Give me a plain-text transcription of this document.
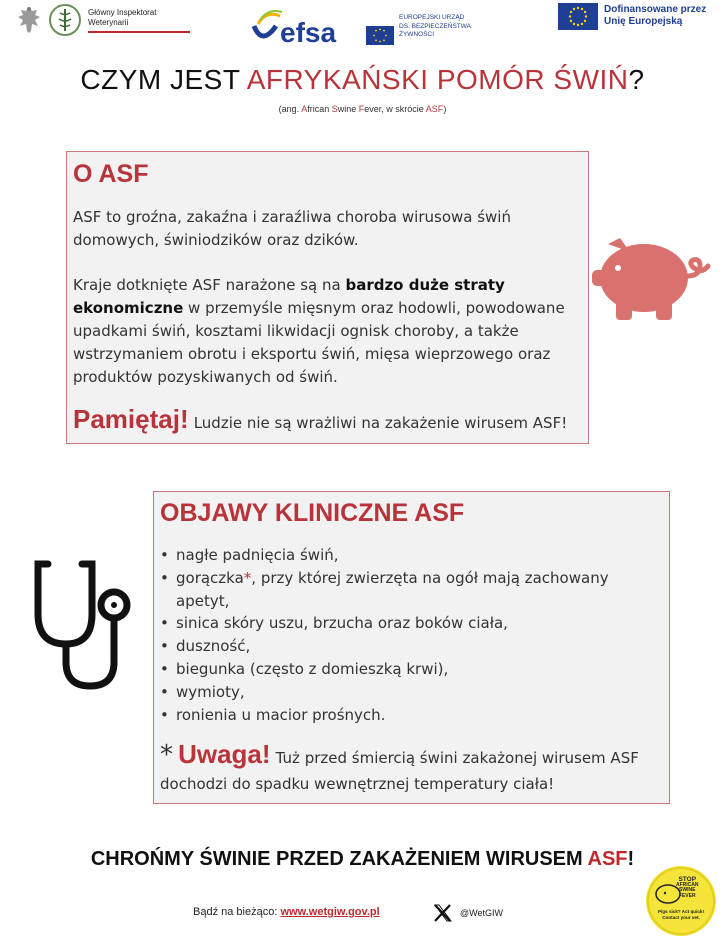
Główny Inspektorat
Weterynarii	efsa	EUROPEJSKI URZĄD
DS. BEZPIECZEŃSTWA
ŻYWNOŚCI
Dofinansowane przez
Unię Europejską
CZYM JEST AFRYKAŃSKI POMÓR ŚWIŃ?
(ang. African Swine Fever, w skrócie ASF)
O ASF
ASF to groźna, zakaźna i zaraźliwa choroba wirusowa świń domowych, świniodzików oraz dzików.
Kraje dotknięte ASF narażone są na bardzo duże straty ekonomiczne w przemyśle mięsnym oraz hodowli, powodowane upadkami świń, kosztami likwidacji ognisk choroby, a także wstrzymaniem obrotu i eksportu świń, mięsa wieprzowego oraz produktów pozyskiwanych od świń.
Pamiętaj! Ludzie nie są wrażliwi na zakażenie wirusem ASF!
OBJAWY KLINICZNE ASF
• nagłe padnięcia świń,
• gorączka*, przy której zwierzęta na ogół mają zachowany apetyt,
• sinica skóry uszu, brzucha oraz boków ciała,
• duszność,
• biegunka (często z domieszką krwi),
• wymioty,
• ronienia u macior prośnych.
* Uwaga! Tuż przed śmiercią świni zakażonej wirusem ASF dochodzi do spadku wewnętrznej temperatury ciała!
CHROŃMY ŚWINIE PRZED ZAKAŻENIEM WIRUSEM ASF!
Bądź na bieżąco: www.wetgiw.gov.pl	@WetGIW
STOP
AFRICAN
SWINE
FEVER
Pigs sick? Act quick!
Contact your vet.
